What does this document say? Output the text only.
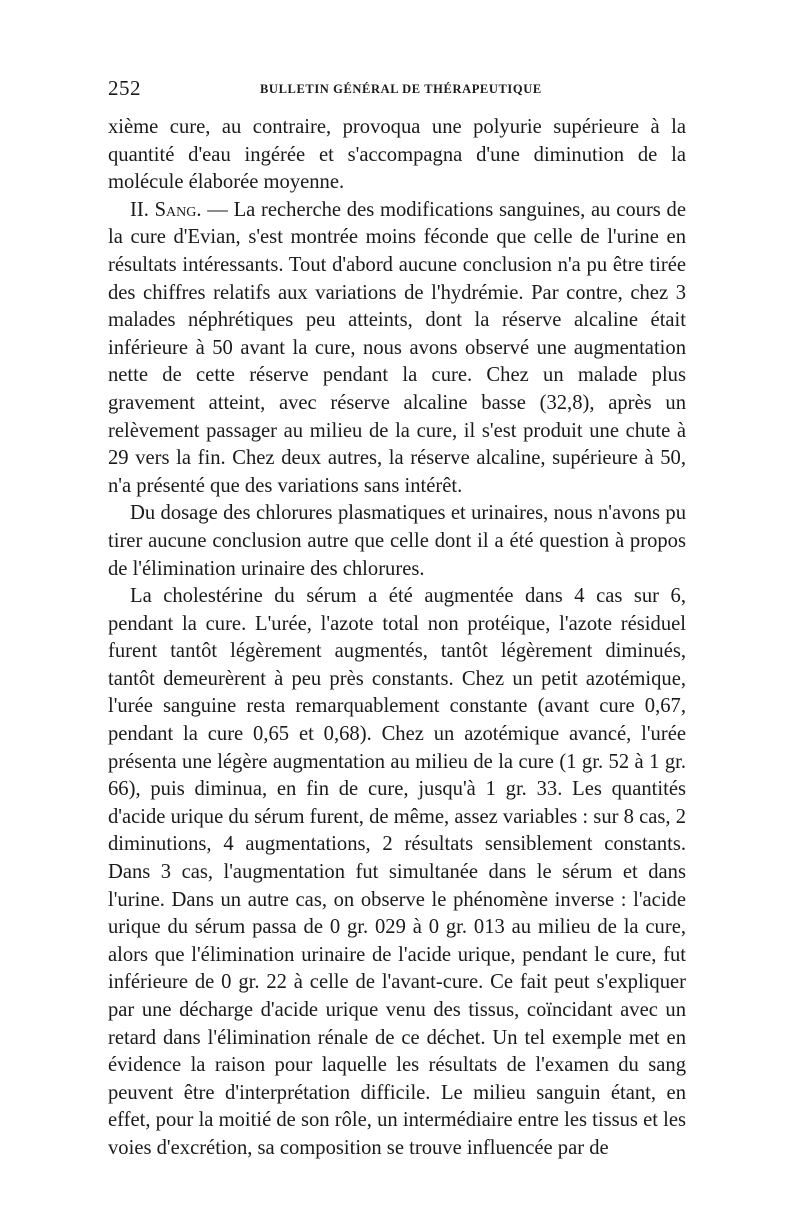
252	BULLETIN GÉNÉRAL DE THÉRAPEUTIQUE

xième cure, au contraire, provoqua une polyurie supérieure à la quantité d'eau ingérée et s'accompagna d'une diminution de la molécule élaborée moyenne.

II. Sang. — La recherche des modifications sanguines, au cours de la cure d'Evian, s'est montrée moins féconde que celle de l'urine en résultats intéressants. Tout d'abord aucune conclusion n'a pu être tirée des chiffres relatifs aux variations de l'hydrémie. Par contre, chez 3 malades néphrétiques peu atteints, dont la réserve alcaline était inférieure à 50 avant la cure, nous avons observé une augmentation nette de cette réserve pendant la cure. Chez un malade plus gravement atteint, avec réserve alcaline basse (32,8), après un relèvement passager au milieu de la cure, il s'est produit une chute à 29 vers la fin. Chez deux autres, la réserve alcaline, supérieure à 50, n'a présenté que des variations sans intérêt.

Du dosage des chlorures plasmatiques et urinaires, nous n'avons pu tirer aucune conclusion autre que celle dont il a été question à propos de l'élimination urinaire des chlorures.

La cholestérine du sérum a été augmentée dans 4 cas sur 6, pendant la cure. L'urée, l'azote total non protéique, l'azote résiduel furent tantôt légèrement augmentés, tantôt légèrement diminués, tantôt demeurèrent à peu près constants. Chez un petit azotémique, l'urée sanguine resta remarquablement constante (avant cure 0,67, pendant la cure 0,65 et 0,68). Chez un azotémique avancé, l'urée présenta une légère augmentation au milieu de la cure (1 gr. 52 à 1 gr. 66), puis diminua, en fin de cure, jusqu'à 1 gr. 33. Les quantités d'acide urique du sérum furent, de même, assez variables : sur 8 cas, 2 diminutions, 4 augmentations, 2 résultats sensiblement constants. Dans 3 cas, l'augmentation fut simultanée dans le sérum et dans l'urine. Dans un autre cas, on observe le phénomène inverse : l'acide urique du sérum passa de 0 gr. 029 à 0 gr. 013 au milieu de la cure, alors que l'élimination urinaire de l'acide urique, pendant le cure, fut inférieure de 0 gr. 22 à celle de l'avant-cure. Ce fait peut s'expliquer par une décharge d'acide urique venu des tissus, coïncidant avec un retard dans l'élimination rénale de ce déchet. Un tel exemple met en évidence la raison pour laquelle les résultats de l'examen du sang peuvent être d'interprétation difficile. Le milieu sanguin étant, en effet, pour la moitié de son rôle, un intermédiaire entre les tissus et les voies d'excrétion, sa composition se trouve influencée par de
